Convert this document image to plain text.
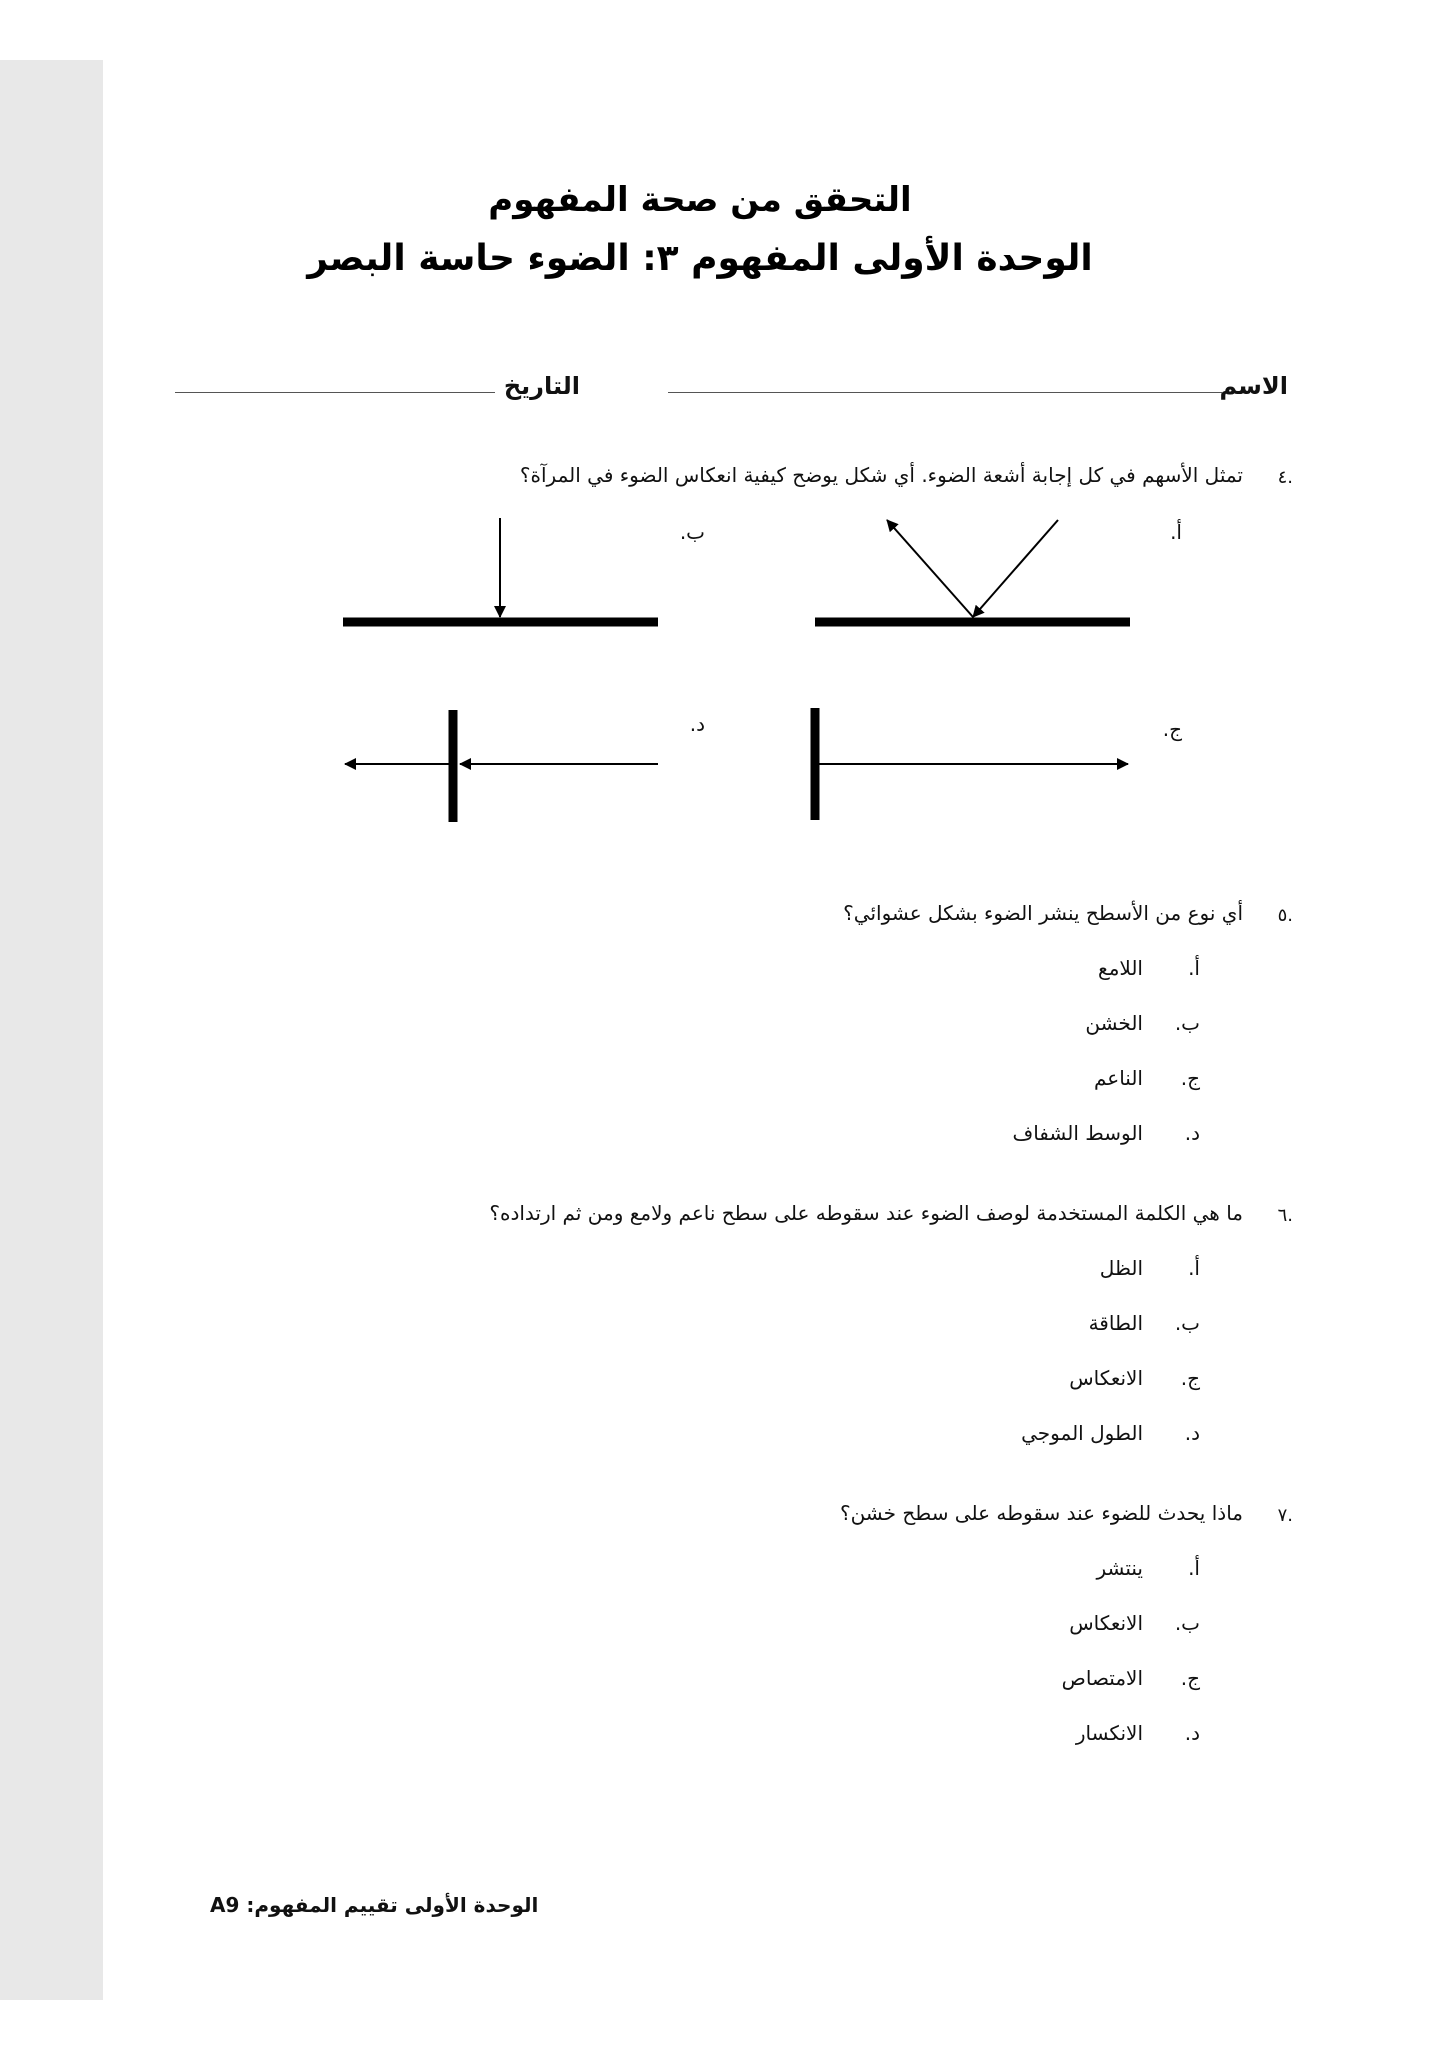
التحقق من صحة المفهوم
الوحدة الأولى المفهوم ٣: الضوء حاسة البصر
الاسم
التاريخ
.٤
تمثل الأسهم في كل إجابة أشعة الضوء. أي شكل يوضح كيفية انعكاس الضوء في المرآة؟
أ.
ب.
ج.
د.
.٥
أي نوع من الأسطح ينشر الضوء بشكل عشوائي؟
أ.
اللامع
ب.
الخشن
ج.
الناعم
د.
الوسط الشفاف
.٦
ما هي الكلمة المستخدمة لوصف الضوء عند سقوطه على سطح ناعم ولامع ومن ثم ارتداده؟
أ.
الظل
ب.
الطاقة
ج.
الانعكاس
د.
الطول الموجي
.٧
ماذا يحدث للضوء عند سقوطه على سطح خشن؟
أ.
ينتشر
ب.
الانعكاس
ج.
الامتصاص
د.
الانكسار
الوحدة الأولى تقييم المفهوم: A9
